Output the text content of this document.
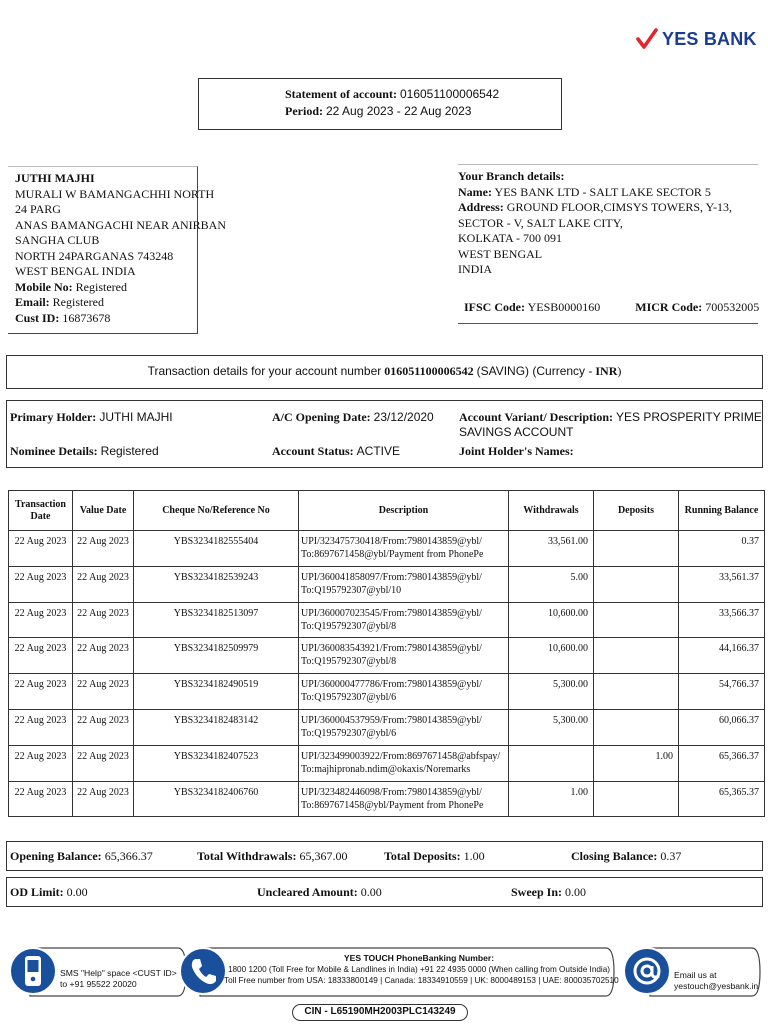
YES BANK
Statement of account: 016051100006542
Period: 22 Aug 2023 - 22 Aug 2023
JUTHI MAJHI
MURALI W BAMANGACHHI NORTH
24 PARG
ANAS BAMANGACHI NEAR ANIRBAN
SANGHA CLUB
NORTH 24PARGANAS 743248
WEST BENGAL INDIA
Mobile No: Registered
Email: Registered
Cust ID: 16873678
Your Branch details:
Name: YES BANK LTD - SALT LAKE SECTOR 5
Address: GROUND FLOOR,CIMSYS TOWERS, Y-13,
SECTOR - V, SALT LAKE CITY,
KOLKATA - 700 091
WEST BENGAL
INDIA
IFSC Code: YESB0000160	MICR Code: 700532005
Transaction details for your account number 016051100006542 (SAVING) (Currency - INR)
Primary Holder: JUTHI MAJHI	A/C Opening Date: 23/12/2020 Account Variant/ Description: YES PROSPERITY PRIME
SAVINGS ACCOUNT
Nominee Details: Registered	Account Status: ACTIVE	Joint Holder's Names:
Transaction
Date	Value Date	Cheque No/Reference No	Description	Withdrawals	Deposits	Running Balance
22 Aug 2023	22 Aug 2023	YBS3234182555404	UPI/323475730418/From:7980143859@ybl/
To:8697671458@ybl/Payment from PhonePe	33,561.00		0.37
22 Aug 2023	22 Aug 2023	YBS3234182539243	UPI/360041858097/From:7980143859@ybl/
To:Q195792307@ybl/10	5.00		33,561.37
22 Aug 2023	22 Aug 2023	YBS3234182513097	UPI/360007023545/From:7980143859@ybl/
To:Q195792307@ybl/8	10,600.00		33,566.37
22 Aug 2023	22 Aug 2023	YBS3234182509979	UPI/360083543921/From:7980143859@ybl/
To:Q195792307@ybl/8	10,600.00		44,166.37
22 Aug 2023	22 Aug 2023	YBS3234182490519	UPI/360000477786/From:7980143859@ybl/
To:Q195792307@ybl/6	5,300.00		54,766.37
22 Aug 2023	22 Aug 2023	YBS3234182483142	UPI/360004537959/From:7980143859@ybl/
To:Q195792307@ybl/6	5,300.00		60,066.37
22 Aug 2023	22 Aug 2023	YBS3234182407523	UPI/323499003922/From:8697671458@abfspay/
To:majhipronab.ndim@okaxis/Noremarks		1.00	65,366.37
22 Aug 2023	22 Aug 2023	YBS3234182406760	UPI/323482446098/From:7980143859@ybl/
To:8697671458@ybl/Payment from PhonePe	1.00		65,365.37
Opening Balance: 65,366.37	Total Withdrawals: 65,367.00	Total Deposits: 1.00	Closing Balance: 0.37
OD Limit: 0.00	Uncleared Amount: 0.00	Sweep In: 0.00
SMS "Help" space <CUST ID>
to +91 95522 20020
YES TOUCH PhoneBanking Number:
1800 1200 (Toll Free for Mobile & Landlines in India) +91 22 4935 0000 (When calling from Outside India)
Toll Free number from USA: 18333800149 | Canada: 18334910559 | UK: 8000489153 | UAE: 800035702510
Email us at
yestouch@yesbank.in
CIN - L65190MH2003PLC143249
